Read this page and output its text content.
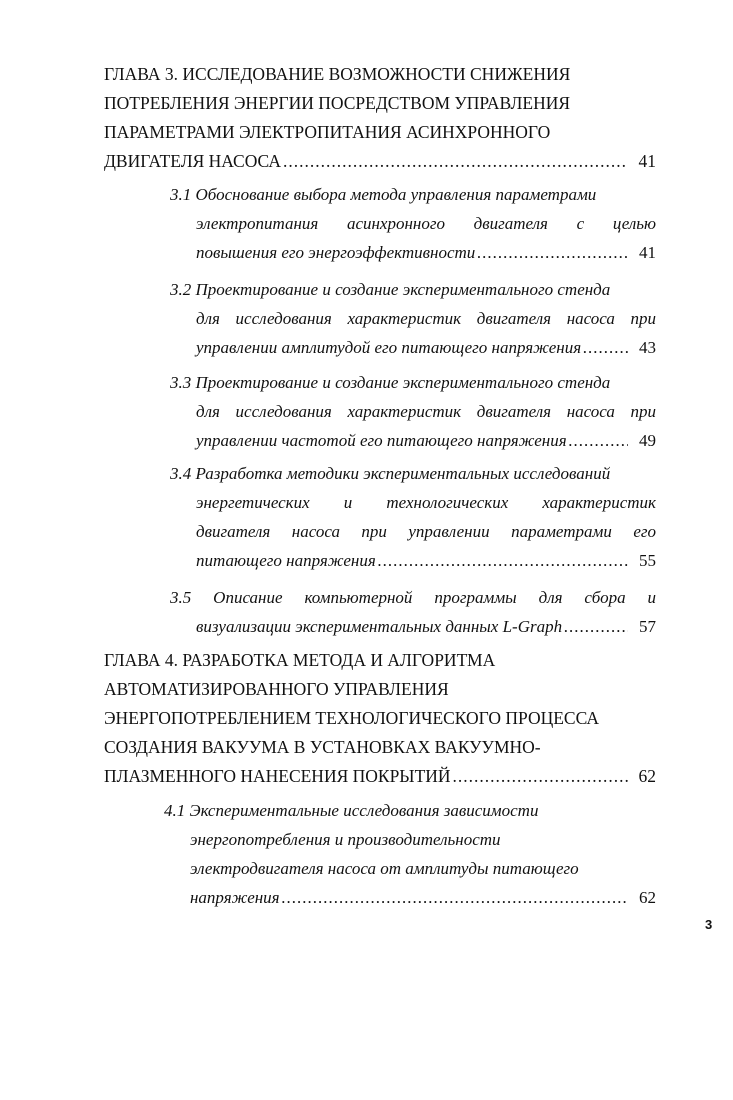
ГЛАВА 3. ИССЛЕДОВАНИЕ ВОЗМОЖНОСТИ СНИЖЕНИЯ
ПОТРЕБЛЕНИЯ ЭНЕРГИИ ПОСРЕДСТВОМ УПРАВЛЕНИЯ
ПАРАМЕТРАМИ ЭЛЕКТРОПИТАНИЯ АСИНХРОННОГО
ДВИГАТЕЛЯ НАСОСА .....	41
3.1 Обоснование выбора метода управления параметрами
электропитания асинхронного двигателя с целью
повышения его энергоэффективности .....	41
3.2 Проектирование и создание экспериментального стенда
для исследования характеристик двигателя насоса при
управлении амплитудой его питающего напряжения .....	43
3.3 Проектирование и создание экспериментального стенда
для исследования характеристик двигателя насоса при
управлении частотой его питающего напряжения .....	49
3.4 Разработка методики экспериментальных исследований
энергетических и технологических характеристик
двигателя насоса при управлении параметрами его
питающего напряжения .....	55
3.5 Описание компьютерной программы для сбора и
визуализации экспериментальных данных L-Graph .....	57
ГЛАВА 4. РАЗРАБОТКА МЕТОДА И АЛГОРИТМА
АВТОМАТИЗИРОВАННОГО УПРАВЛЕНИЯ
ЭНЕРГОПОТРЕБЛЕНИЕМ ТЕХНОЛОГИЧЕСКОГО ПРОЦЕССА
СОЗДАНИЯ ВАКУУМА В УСТАНОВКАХ ВАКУУМНО-
ПЛАЗМЕННОГО НАНЕСЕНИЯ ПОКРЫТИЙ .....	62
4.1 Экспериментальные исследования зависимости
энергопотребления и производительности
электродвигателя насоса от амплитуды питающего
напряжения .....	62
3
